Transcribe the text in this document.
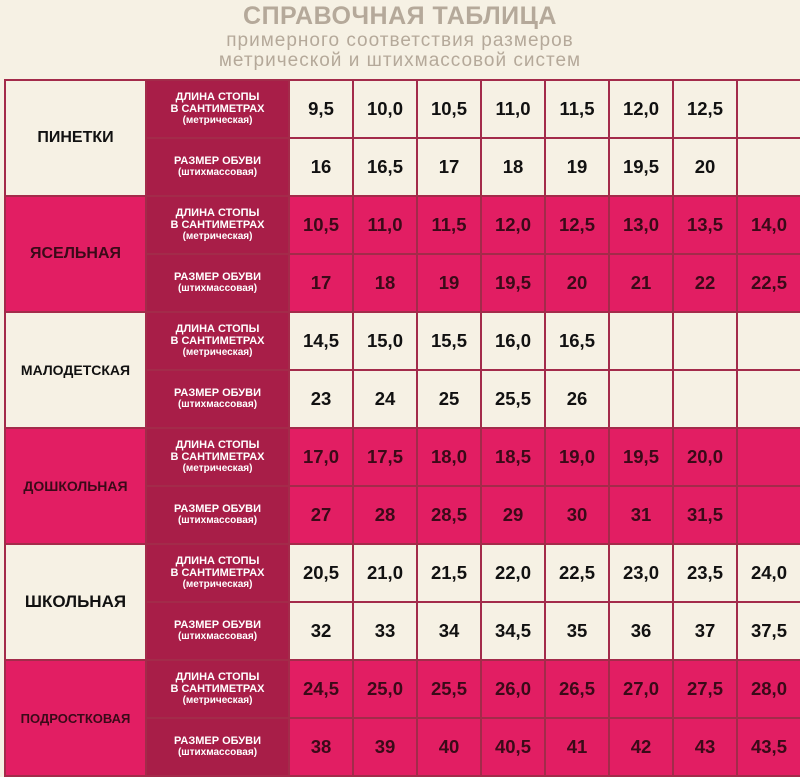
СПРАВОЧНАЯ ТАБЛИЦА
примерного соответствия размеров
метрической и штихмассовой систем
ПИНЕТКИ	ДЛИНА СТОПЫ
В САНТИМЕТРАХ
(метрическая)	9,5	10,0	10,5	11,0	11,5	12,0	12,5	

	РАЗМЕР ОБУВИ
(штихмассовая)	16	16,5	17	18	19	19,5	20	
ЯСЕЛЬНАЯ	ДЛИНА СТОПЫ
В САНТИМЕТРАХ
(метрическая)	10,5	11,0	11,5	12,0	12,5	13,0	13,5	14,0

	РАЗМЕР ОБУВИ
(штихмассовая)	17	18	19	19,5	20	21	22	22,5
МАЛОДЕТСКАЯ	ДЛИНА СТОПЫ
В САНТИМЕТРАХ
(метрическая)	14,5	15,0	15,5	16,0	16,5			

	РАЗМЕР ОБУВИ
(штихмассовая)	23	24	25	25,5	26			
ДОШКОЛЬНАЯ	ДЛИНА СТОПЫ
В САНТИМЕТРАХ
(метрическая)	17,0	17,5	18,0	18,5	19,0	19,5	20,0	

	РАЗМЕР ОБУВИ
(штихмассовая)	27	28	28,5	29	30	31	31,5	
ШКОЛЬНАЯ	ДЛИНА СТОПЫ
В САНТИМЕТРАХ
(метрическая)	20,5	21,0	21,5	22,0	22,5	23,0	23,5	24,0

	РАЗМЕР ОБУВИ
(штихмассовая)	32	33	34	34,5	35	36	37	37,5
ПОДРОСТКОВАЯ	ДЛИНА СТОПЫ
В САНТИМЕТРАХ
(метрическая)	24,5	25,0	25,5	26,0	26,5	27,0	27,5	28,0

	РАЗМЕР ОБУВИ
(штихмассовая)	38	39	40	40,5	41	42	43	43,5
